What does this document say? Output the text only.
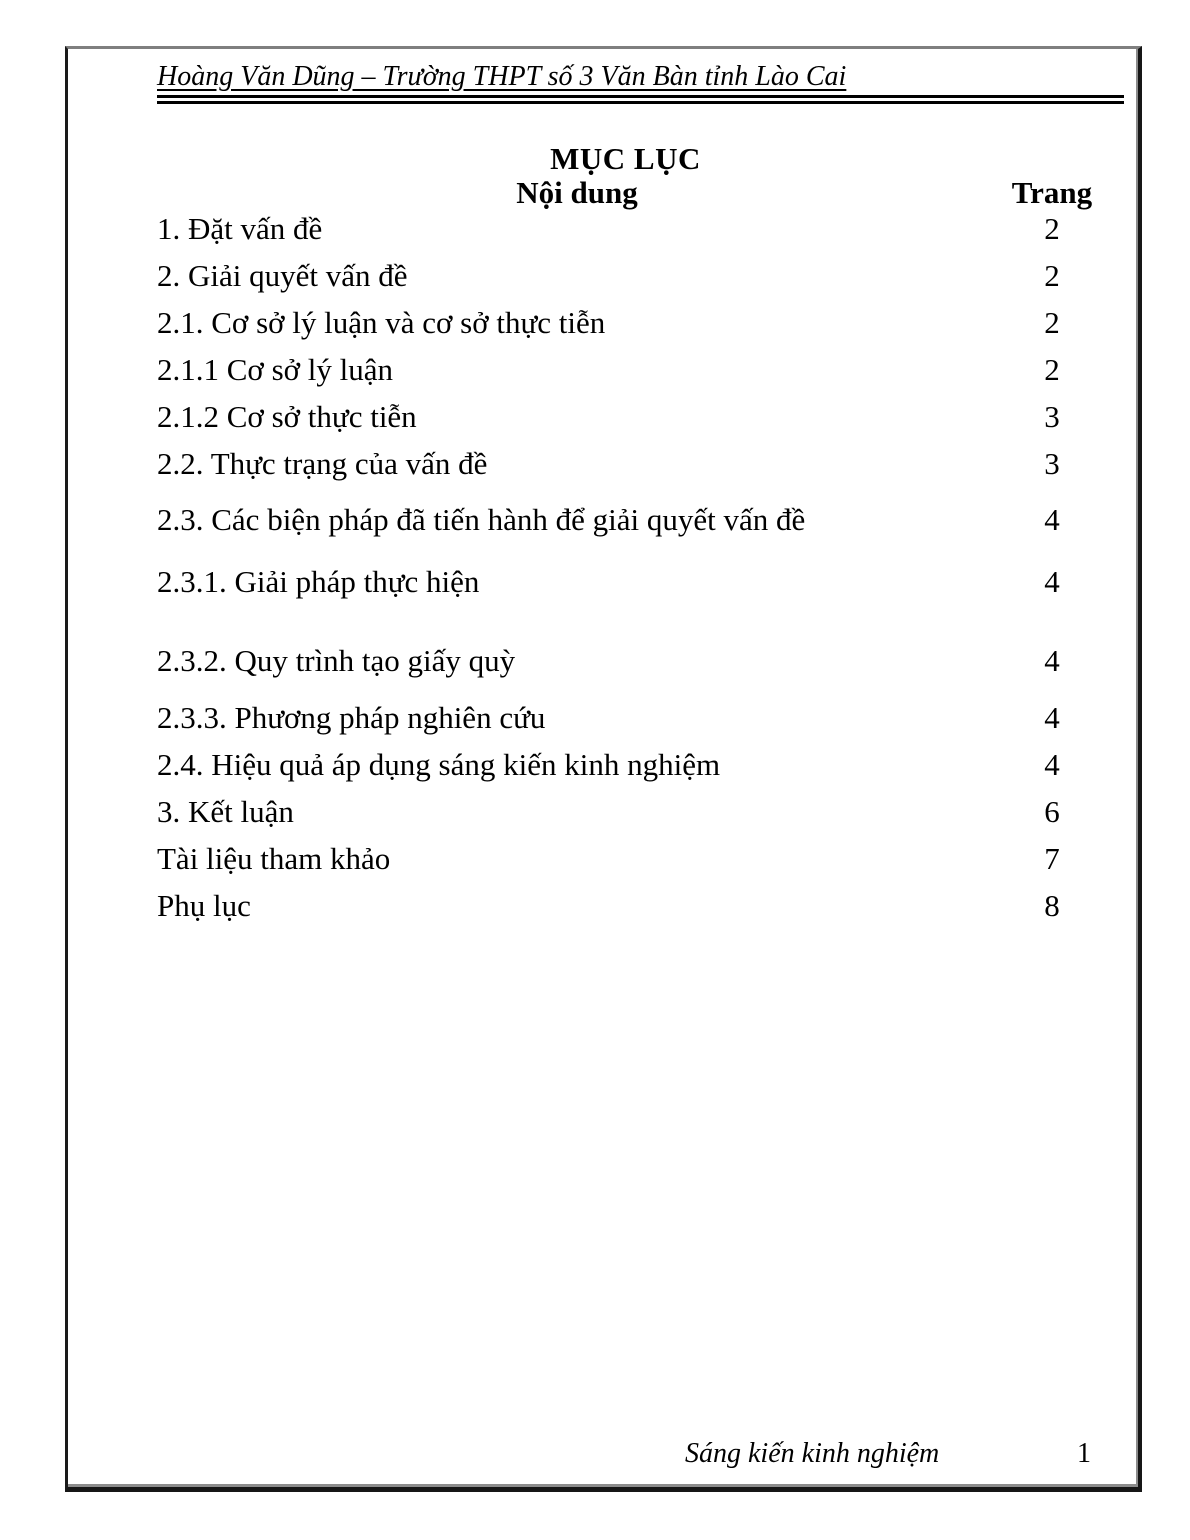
Hoàng Văn Dũng – Trường THPT số 3 Văn Bàn tỉnh Lào Cai
MỤC LỤC
Nội dung	Trang
1. Đặt vấn đề	2
2. Giải quyết vấn đề	2
2.1. Cơ sở lý luận và cơ sở thực tiễn	2
2.1.1 Cơ sở lý luận	2
2.1.2 Cơ sở thực tiễn	3
2.2. Thực trạng của vấn đề	3
2.3. Các biện pháp đã tiến hành để giải quyết vấn đề	4
2.3.1. Giải pháp thực hiện	4
2.3.2. Quy trình tạo giấy quỳ	4
2.3.3. Phương pháp nghiên cứu	4
2.4. Hiệu quả áp dụng sáng kiến kinh nghiệm	4
3. Kết luận	6
Tài liệu tham khảo	7
Phụ lục	8
Sáng kiến kinh nghiệm	1
